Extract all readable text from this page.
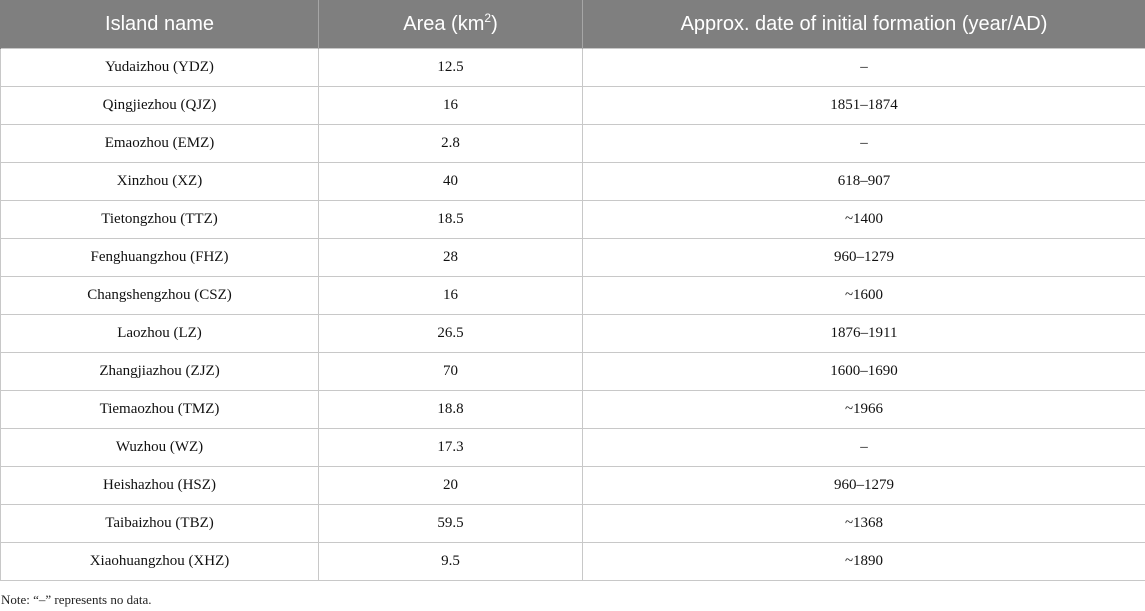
Island name	Area $(km^2)$	Approx. date of initial formation (year/AD)
Yudaizhou (YDZ)	12.5	–
Qingjiezhou (QJZ)	16	1851–1874
Emaozhou (EMZ)	2.8	–
Xinzhou (XZ)	40	618–907
Tietongzhou (TTZ)	18.5	~1400
Fenghuangzhou (FHZ)	28	960–1279
Changshengzhou (CSZ)	16	~1600
Laozhou (LZ)	26.5	1876–1911
Zhangjiazhou (ZJZ)	70	1600–1690
Tiemaozhou (TMZ)	18.8	~1966
Wuzhou (WZ)	17.3	–
Heishazhou (HSZ)	20	960–1279
Taibaizhou (TBZ)	59.5	~1368
Xiaohuangzhou (XHZ)	9.5	~1890
Note: “–” represents no data.
